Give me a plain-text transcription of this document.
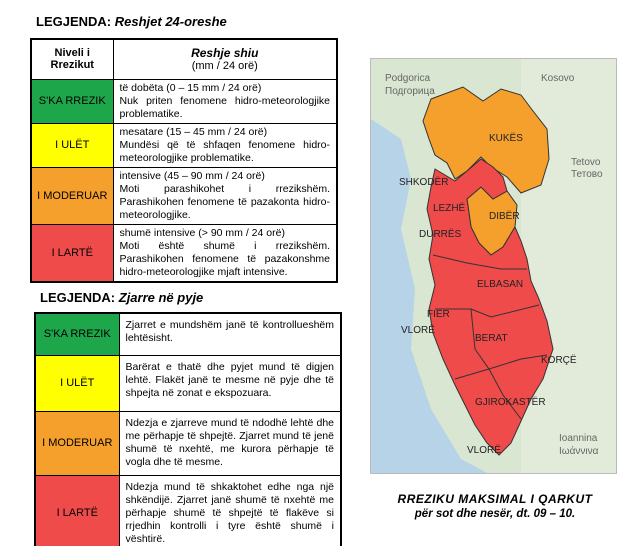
LEGJENDA: Reshjet 24-oreshe
Niveli i
Rrezikut	Reshje shiu
(mm / 24 orë)

S'KA RREZIK	të dobëta (0 – 15 mm / 24 orë)
Nuk priten fenomene hidro-meteorologjike problematike.

I ULËT	mesatare (15 – 45 mm / 24 orë)
Mundësi që të shfaqen fenomene hidro-meteorologjike problematike.

I MODERUAR	intensive (45 – 90 mm / 24 orë)
Moti parashikohet i rrezikshëm. Parashikohen fenomene të pazakonta hidro-meteorologjike.

I LARTË	shumë intensive (> 90 mm / 24 orë)
Moti është shumë i rrezikshëm. Parashikohen fenomene të pazakonshme hidro-meteorologjike mjaft intensive.
LEGJENDA: Zjarre në pyje
S'KA RREZIK	Zjarret e mundshëm janë të kontrollueshëm lehtësisht.
I ULËT	Barërat e thatë dhe pyjet mund të digjen lehtë. Flakët janë te mesme në pyje dhe të shpejta në zonat e ekspozuara.
I MODERUAR	Ndezja e zjarreve mund të ndodhë lehtë dhe me përhapje të shpejtë. Zjarret mund të jenë shumë të nxehtë, me kurora përhapje të vogla dhe të mesme.
I LARTË	Ndezja mund të shkaktohet edhe nga një shkëndijë. Zjarret janë shumë të nxehtë me përhapje shumë të shpejtë të flakëve si rrjedhin kontrolli i tyre është shumë i vështirë.
Podgorica
Подгорица
Kosovo
Tetovo
Тетово
Ioannina
Ιωάννινα
KUKËS
SHKODËR
LEZHË
DIBËR
DURRËS
ELBASAN
FIER
BERAT
KORÇË
VLORË
GJIROKASTËR
VLORË
RREZIKU MAKSIMAL I QARKUT
për sot dhe nesër, dt. 09 – 10.
